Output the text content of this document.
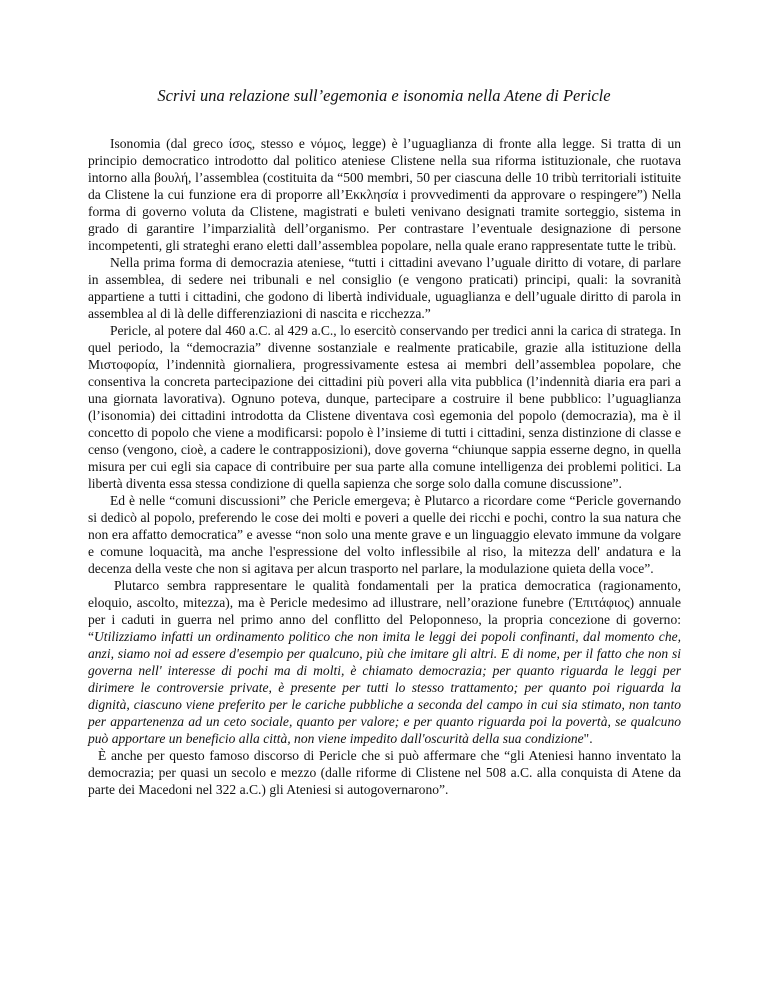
Scrivi una relazione sull’egemonia e isonomia nella Atene di Pericle

Isonomia (dal greco ίσος, stesso e νόμος, legge) è l’uguaglianza di fronte alla legge. Si tratta di un principio democratico introdotto dal politico ateniese Clistene nella sua riforma istituzionale, che ruotava intorno alla βουλή, l’assemblea (costituita da “500 membri, 50 per ciascuna delle 10 tribù territoriali istituite da Clistene la cui funzione era di proporre all’Εκκλησία i provvedimenti da approvare o respingere”) Nella forma di governo voluta da Clistene, magistrati e buleti venivano designati tramite sorteggio, sistema in grado di garantire l’imparzialità dell’organismo. Per contrastare l’eventuale designazione di persone incompetenti, gli strateghi erano eletti dall’assemblea popolare, nella quale erano rappresentate tutte le tribù.

Nella prima forma di democrazia ateniese, “tutti i cittadini avevano l’uguale diritto di votare, di parlare in assemblea, di sedere nei tribunali e nel consiglio (e vengono praticati) principi, quali: la sovranità appartiene a tutti i cittadini, che godono di libertà individuale, uguaglianza e dell’uguale diritto di parola in assemblea al di là delle differenziazioni di nascita e ricchezza.”

Pericle, al potere dal 460 a.C. al 429 a.C., lo esercitò conservando per tredici anni la carica di stratega. In quel periodo, la “democrazia” divenne sostanziale e realmente praticabile, grazie alla istituzione della Μιστοφορία, l’indennità giornaliera, progressivamente estesa ai membri dell’assemblea popolare, che consentiva la concreta partecipazione dei cittadini più poveri alla vita pubblica (l’indennità diaria era pari a una giornata lavorativa). Ognuno poteva, dunque, partecipare a costruire il bene pubblico: l’uguaglianza (l’isonomia) dei cittadini introdotta da Clistene diventava così egemonia del popolo (democrazia), ma è il concetto di popolo che viene a modificarsi: popolo è l’insieme di tutti i cittadini, senza distinzione di classe e censo (vengono, cioè, a cadere le contrapposizioni), dove governa “chiunque sappia esserne degno, in quella misura per cui egli sia capace di contribuire per sua parte alla comune intelligenza dei problemi politici. La libertà diventa essa stessa condizione di quella sapienza che sorge solo dalla comune discussione”.

Ed è nelle “comuni discussioni” che Pericle emergeva; è Plutarco a ricordare come “Pericle governando si dedicò al popolo, preferendo le cose dei molti e poveri a quelle dei ricchi e pochi, contro la sua natura che non era affatto democratica” e avesse “non solo una mente grave e un linguaggio elevato immune da volgare e comune loquacità, ma anche l'espressione del volto inflessibile al riso, la mitezza dell' andatura e la decenza della veste che non si agitava per alcun trasporto nel parlare, la modulazione quieta della voce”.

Plutarco sembra rappresentare le qualità fondamentali per la pratica democratica (ragionamento, eloquio, ascolto, mitezza), ma è Pericle medesimo ad illustrare, nell’orazione funebre (Ἐπιτάφιος) annuale per i caduti in guerra nel primo anno del conflitto del Peloponneso, la propria concezione di governo: “Utilizziamo infatti un ordinamento politico che non imita le leggi dei popoli confinanti, dal momento che, anzi, siamo noi ad essere d'esempio per qualcuno, più che imitare gli altri. E di nome, per il fatto che non si governa nell' interesse di pochi ma di molti, è chiamato democrazia; per quanto riguarda le leggi per dirimere le controversie private, è presente per tutti lo stesso trattamento; per quanto poi riguarda la dignità, ciascuno viene preferito per le cariche pubbliche a seconda del campo in cui sia stimato, non tanto per appartenenza ad un ceto sociale, quanto per valore; e per quanto riguarda poi la povertà, se qualcuno può apportare un beneficio alla città, non viene impedito dall'oscurità della sua condizione".

È anche per questo famoso discorso di Pericle che si può affermare che “gli Ateniesi hanno inventato la democrazia; per quasi un secolo e mezzo (dalle riforme di Clistene nel 508 a.C. alla conquista di Atene da parte dei Macedoni nel 322 a.C.) gli Ateniesi si autogovernarono”.
